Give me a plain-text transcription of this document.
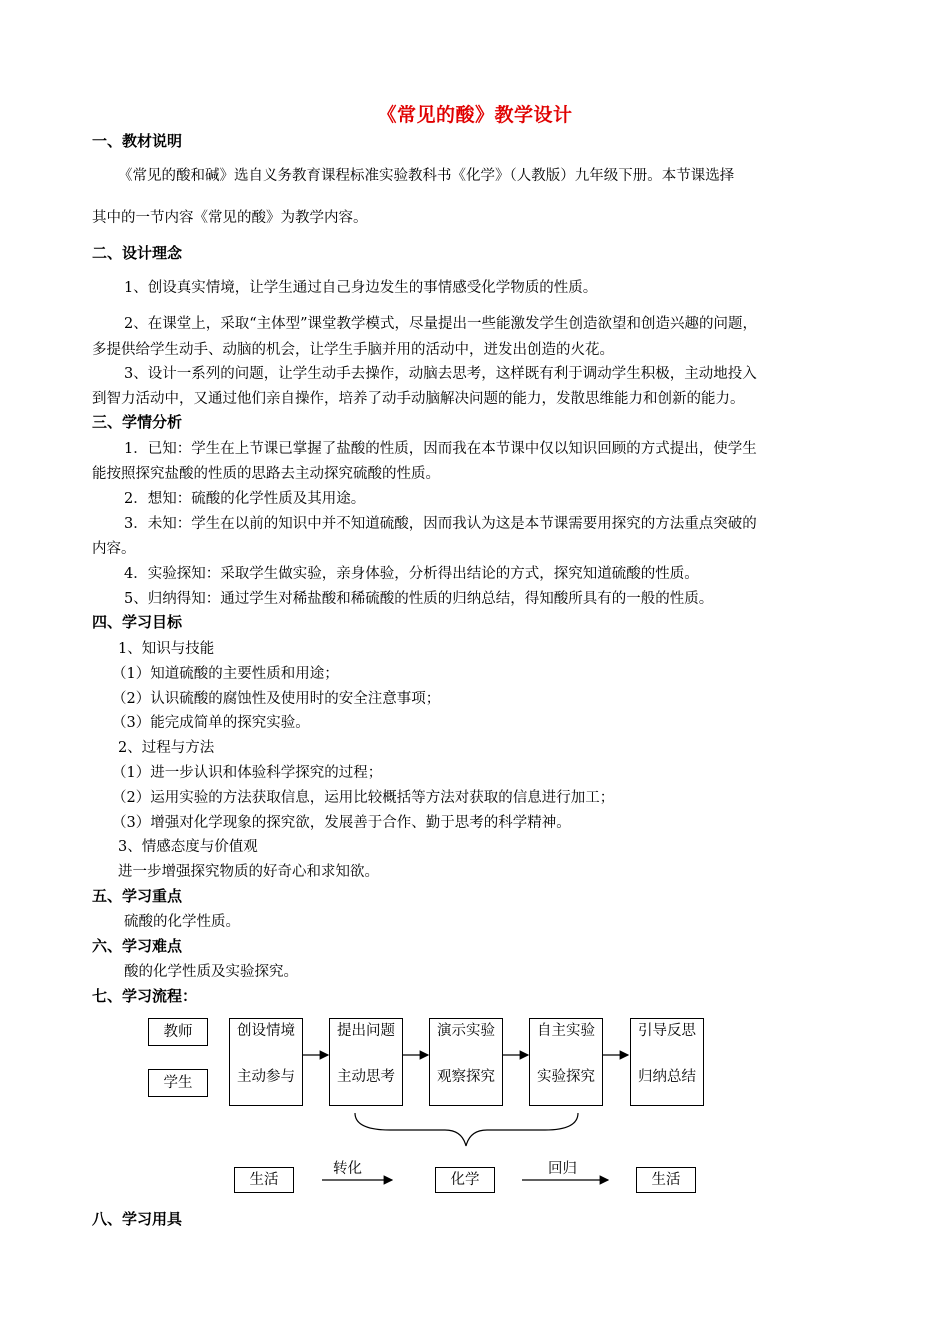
《常见的酸》教学设计
一、教材说明
《常见的酸和碱》选自义务教育课程标准实验教科书《化学》（人教版）九年级下册。本节课选择
其中的一节内容《常见的酸》为教学内容。
二、设计理念
1、创设真实情境，让学生通过自己身边发生的事情感受化学物质的性质。
2、在课堂上，采取“主体型”课堂教学模式，尽量提出一些能激发学生创造欲望和创造兴趣的问题，
多提供给学生动手、动脑的机会，让学生手脑并用的活动中，迸发出创造的火花。
3、设计一系列的问题，让学生动手去操作，动脑去思考，这样既有利于调动学生积极，主动地投入
到智力活动中，又通过他们亲自操作，培养了动手动脑解决问题的能力，发散思维能力和创新的能力。
三、学情分析
1．已知：学生在上节课已掌握了盐酸的性质，因而我在本节课中仅以知识回顾的方式提出，使学生
能按照探究盐酸的性质的思路去主动探究硫酸的性质。
2．想知：硫酸的化学性质及其用途。
3．未知：学生在以前的知识中并不知道硫酸，因而我认为这是本节课需要用探究的方法重点突破的
内容。
4．实验探知：采取学生做实验，亲身体验，分析得出结论的方式，探究知道硫酸的性质。
5、归纳得知：通过学生对稀盐酸和稀硫酸的性质的归纳总结，得知酸所具有的一般的性质。
四、学习目标
1、知识与技能
（1）知道硫酸的主要性质和用途；
（2）认识硫酸的腐蚀性及使用时的安全注意事项；
（3）能完成简单的探究实验。
2、过程与方法
（1）进一步认识和体验科学探究的过程；
（2）运用实验的方法获取信息，运用比较概括等方法对获取的信息进行加工；
（3）增强对化学现象的探究欲，发展善于合作、勤于思考的科学精神。
3、情感态度与价值观
进一步增强探究物质的好奇心和求知欲。
五、学习重点
硫酸的化学性质。
六、学习难点
酸的化学性质及实验探究。
七、学习流程：
教师
学生
创设情境
主动参与
提出问题
主动思考
演示实验
观察探究
自主实验
实验探究
引导反思
归纳总结
生活
转化
化学
回归
生活
八、学习用具
